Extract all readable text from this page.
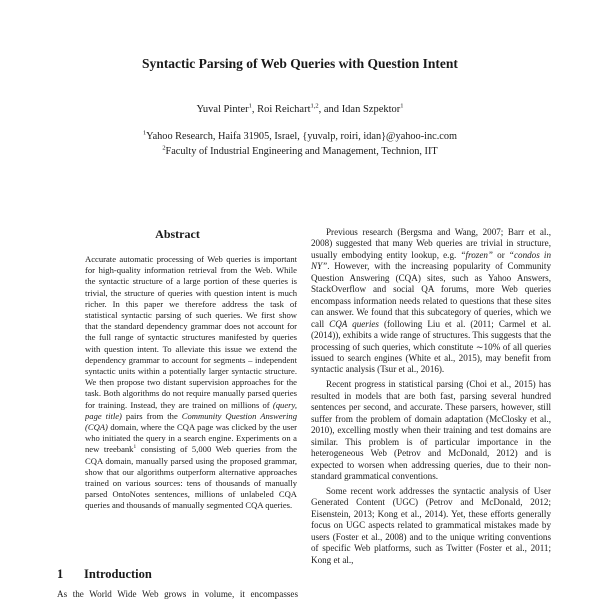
Syntactic Parsing of Web Queries with Question Intent
Yuval Pinter$^1$, Roi Reichart$^{1,2}$, and Idan Szpektor$^1$
$^1$Yahoo Research, Haifa 31905, Israel, {yuvalp, roiri, idan}@yahoo-inc.com
$^2$Faculty of Industrial Engineering and Management, Technion, IIT
Abstract
Accurate automatic processing of Web queries is important for high-quality information retrieval from the Web. While the syntactic structure of a large portion of these queries is trivial, the structure of queries with question intent is much richer. In this paper we therefore address the task of statistical syntactic parsing of such queries. We first show that the standard dependency grammar does not account for the full range of syntactic structures manifested by queries with question intent. To alleviate this issue we extend the dependency grammar to account for segments – independent syntactic units within a potentially larger syntactic structure. We then propose two distant supervision approaches for the task. Both algorithms do not require manually parsed queries for training. Instead, they are trained on millions of (query, page title) pairs from the Community Question Answering (CQA) domain, where the CQA page was clicked by the user who initiated the query in a search engine. Experiments on a new treebank$^1$ consisting of 5,000 Web queries from the CQA domain, manually parsed using the proposed grammar, show that our algorithms outperform alternative approaches trained on various sources: tens of thousands of manually parsed OntoNotes sentences, millions of unlabeled CQA queries and thousands of manually segmented CQA queries.
1 Introduction
As the World Wide Web grows in volume, it encompasses

Previous research (Bergsma and Wang, 2007; Barr et al., 2008) suggested that many Web queries are trivial in structure, usually embodying entity lookup, e.g. “frozen” or “condos in NY”. However, with the increasing popularity of Community Question Answering (CQA) sites, such as Yahoo Answers, StackOverflow and social QA forums, more Web queries encompass information needs related to questions that these sites can answer. We found that this subcategory of queries, which we call CQA queries (following Liu et al. (2011; Carmel et al. (2014)), exhibits a wide range of structures. This suggests that the processing of such queries, which constitute ∼10% of all queries issued to search engines (White et al., 2015), may benefit from syntactic analysis (Tsur et al., 2016).

Recent progress in statistical parsing (Choi et al., 2015) has resulted in models that are both fast, parsing several hundred sentences per second, and accurate. These parsers, however, still suffer from the problem of domain adaptation (McClosky et al., 2010), excelling mostly when their training and test domains are similar. This problem is of particular importance in the heterogeneous Web (Petrov and McDonald, 2012) and is expected to worsen when addressing queries, due to their non-standard grammatical conventions.

Some recent work addresses the syntactic analysis of User Generated Content (UGC) (Petrov and McDonald, 2012; Eisenstein, 2013; Kong et al., 2014). Yet, these efforts generally focus on UGC aspects related to grammatical mistakes made by users (Foster et al., 2008) and to the unique writing conventions of specific Web platforms, such as Twitter (Foster et al., 2011; Kong et al.,
